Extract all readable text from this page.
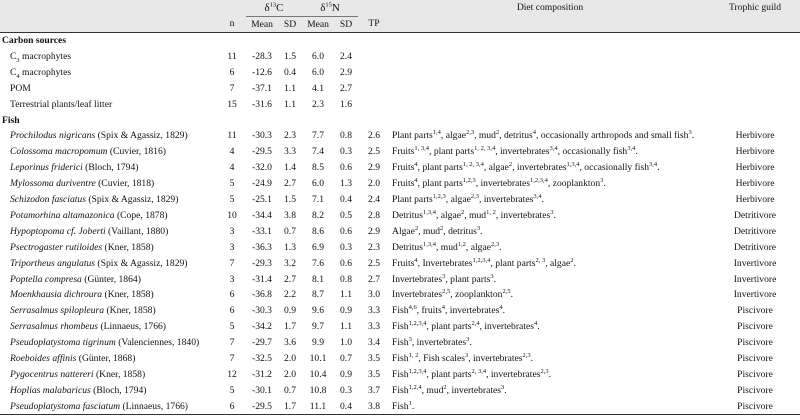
		$\delta^{13}C$		$\delta^{15}N$			Diet composition	Trophic guild
	n	Mean	SD	Mean	SD	TP		
Carbon sources								
$C_3$ macrophytes	11	-28.3	1.5	6.0	2.4			
$C_4$ macrophytes	6	-12.6	0.4	6.0	2.9			
POM	7	-37.1	1.1	4.1	2.7			
Terrestrial plants/leaf litter	15	-31.6	1.1	2.3	1.6			
Fish								
Prochilodus nigricans (Spix & Agassiz, 1829)	11	-30.3	2.3	7.7	0.8	2.6	Plant parts$^{1,4}$, algae$^{2,3}$, mud$^2$, detritus$^4$, occasionally arthropods and small fish$^3$.	Herbivore
Colossoma macropomum (Cuvier, 1816)	4	-29.5	3.3	7.4	0.3	2.5	Fruits$^{1, 3,4}$, plant parts$^{1, 2, 3,4}$, invertebrates$^{3,4}$, occasionally fish$^{3,4}$.	Herbivore
Leporinus friderici (Bloch, 1794)	4	-32.0	1.4	8.5	0.6	2.9	Fruits$^4$, plant parts$^{1, 2, 3,4}$, algae$^2$, invertebrates$^{1,3,4}$, occasionally fish$^{3,4}$.	Herbivore
Mylossoma duriventre (Cuvier, 1818)	5	-24.9	2.7	6.0	1.3	2.0	Fruits$^4$, plant parts$^{1,2,3}$, invertebrates$^{1,2,3,4}$, zooplankton$^3$.	Herbivore
Schizodon fasciatus (Spix & Agassiz, 1829)	5	-25.1	1.5	7.1	0.4	2.4	Plant parts$^{1,2,3}$, algae$^{2,3}$, invertebrates$^{3,4}$.	Herbivore
Potamorhina altamazonica (Cope, 1878)	10	-34.4	3.8	8.2	0.5	2.8	Detritus$^{1,3,4}$, algae$^2$, mud$^{1, 2}$, invertebrates$^3$.	Detritivore
Hypoptopoma cf. Joberti (Vaillant, 1880)	3	-33.1	0.7	8.6	0.6	2.9	Algae$^2$, mud$^2$, detritus$^3$.	Detritivore
Psectrogaster rutiloides (Kner, 1858)	3	-36.3	1.3	6.9	0.3	2.3	Detritus$^{1,3,4}$, mud$^{1,2}$, algae$^{2,3}$.	Detritivore
Triportheus angulatus (Spix & Agassiz, 1829)	7	-29.3	3.2	7.6	0.6	2.5	Fruits$^4$, Invertebrates$^{1,2,3,4}$, plant parts$^{2, 3}$, algae$^2$.	Invertivore
Poptella compresa (Günter, 1864)	3	-31.4	2.7	8.1	0.8	2.7	Invertebrates$^3$, plant parts$^3$.	Invertivore
Moenkhausia dichroura (Kner, 1858)	6	-36.8	2.2	8.7	1.1	3.0	Invertebrates$^{2,5}$, zooplankton$^{2,5}$.	Invertivore
Serrasalmus spilopleura (Kner, 1858)	6	-30.3	0.9	9.6	0.9	3.3	Fish$^{4,6}$, fruits$^4$, invertebrates$^4$.	Piscivore
Serrasalmus rhombeus (Linnaeus, 1766)	5	-34.2	1.7	9.7	1.1	3.3	Fish$^{1,2,3,4}$, plant parts$^{2,4}$, invertebrates$^4$.	Piscivore
Pseudoplatystoma tigrinum (Valenciennes, 1840)	7	-29.7	3.6	9.9	1.0	3.4	Fish$^3$, invertebrates$^3$.	Piscivore
Roeboides affinis (Günter, 1868)	7	-32.5	2.0	10.1	0.7	3.5	Fish$^{1, 2}$, Fish scales$^3$, invertebrates$^{2,3}$.	Piscivore
Pygocentrus nattereri (Kner, 1858)	12	-31.2	2.0	10.4	0.9	3.5	Fish$^{1,2,3,4}$, plant parts$^{2, 3,4}$, invertebrates$^{2,3}$.	Piscivore
Hoplias malabaricus (Bloch, 1794)	5	-30.1	0.7	10.8	0.3	3.7	Fish$^{1,2,4}$, mud$^2$, invertebrates$^3$.	Piscivore
Pseudoplatystoma fasciatum (Linnaeus, 1766)	6	-29.5	1.7	11.1	0.4	3.8	Fish$^1$.	Piscivore
